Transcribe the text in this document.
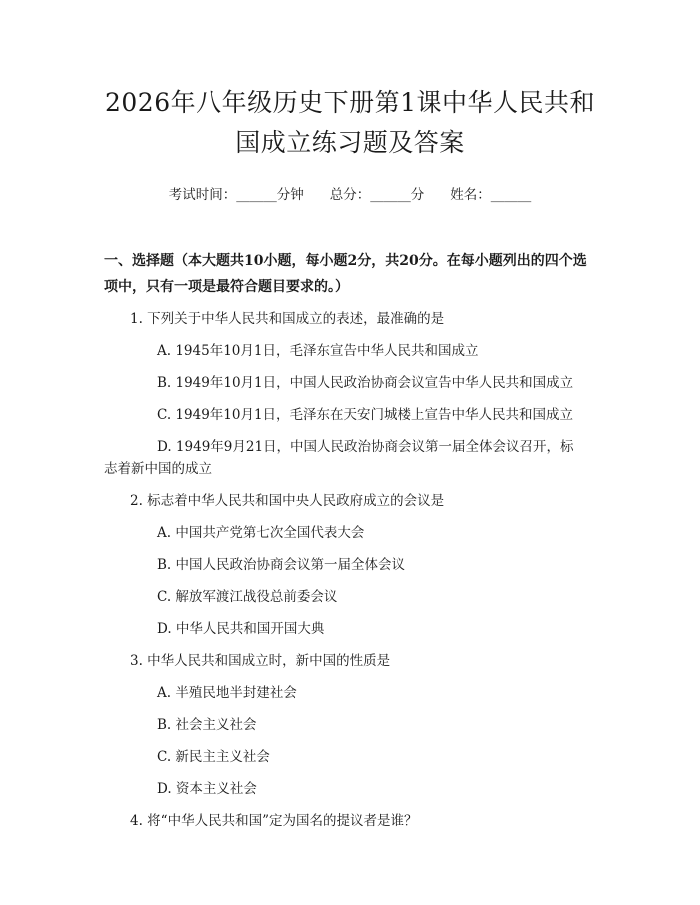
2026年八年级历史下册第1课中华人民共和
国成立练习题及答案
考试时间：______分钟 总分：______分 姓名：______
一、选择题（本大题共10小题，每小题2分，共20分。在每小题列出的四个选
项中，只有一项是最符合题目要求的。）
1. 下列关于中华人民共和国成立的表述，最准确的是
A. 1945年10月1日，毛泽东宣告中华人民共和国成立
B. 1949年10月1日，中国人民政治协商会议宣告中华人民共和国成立
C. 1949年10月1日，毛泽东在天安门城楼上宣告中华人民共和国成立
D. 1949年9月21日，中国人民政治协商会议第一届全体会议召开，标
志着新中国的成立
2. 标志着中华人民共和国中央人民政府成立的会议是
A. 中国共产党第七次全国代表大会
B. 中国人民政治协商会议第一届全体会议
C. 解放军渡江战役总前委会议
D. 中华人民共和国开国大典
3. 中华人民共和国成立时，新中国的性质是
A. 半殖民地半封建社会
B. 社会主义社会
C. 新民主主义社会
D. 资本主义社会
4. 将“中华人民共和国”定为国名的提议者是谁？
